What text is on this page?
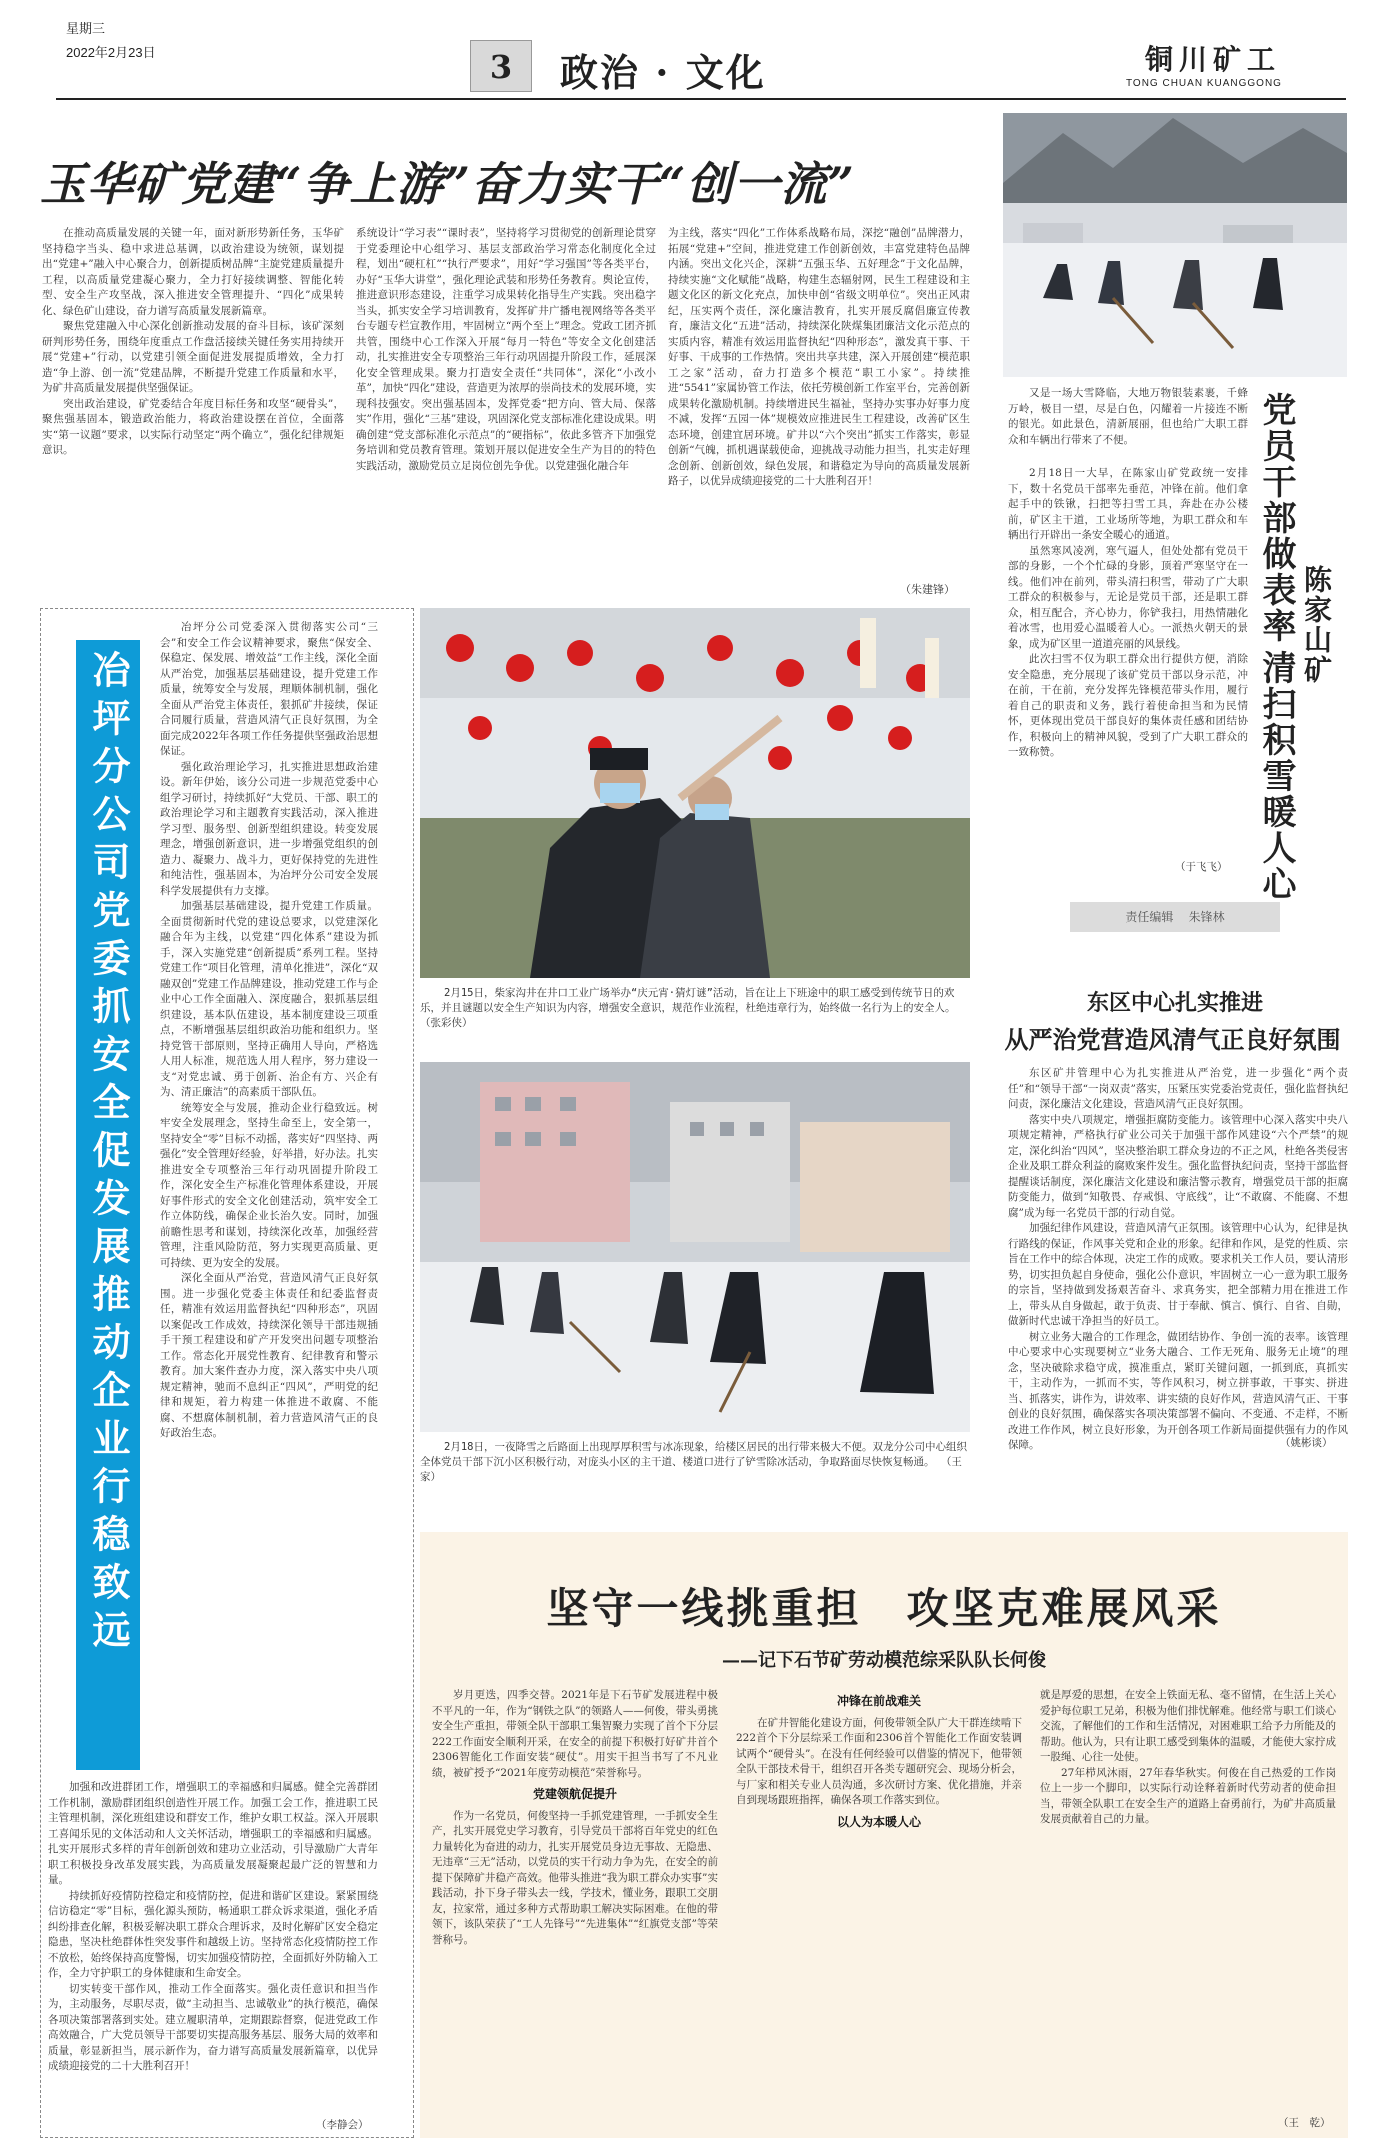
星期三
2022年2月23日	3	政治 · 文化	铜川矿工
TONG CHUAN KUANGGONG
玉华矿党建“争上游”奋力实干“创一流”

在推动高质量发展的关键一年，面对新形势新任务，玉华矿坚持稳字当头、稳中求进总基调，以政治建设为统领，谋划提出“党建+”融入中心聚合力，创新提质树品牌“主旋党建质量提升工程，以高质量党建凝心聚力，全力打好接续调整、智能化转型、安全生产攻坚战，深入推进安全管理提升、“四化”成果转化、绿色矿山建设，奋力谱写高质量发展新篇章。

聚焦党建融入中心深化创新推动发展的奋斗目标，该矿深刻研判形势任务，围绕年度重点工作盘活接续关键任务实用持续开展“党建+”行动，以党建引领全面促进发展提质增效，全力打造“争上游、创一流”党建品牌，不断提升党建工作质量和水平，为矿井高质量发展提供坚强保证。

突出政治建设，矿党委结合年度目标任务和攻坚“硬骨头”，聚焦强基固本，锻造政治能力，将政治建设摆在首位，全面落实“第一议题”要求，以实际行动坚定“两个确立”，强化纪律规矩意识。

系统设计“学习表”“课时表”，坚持将学习贯彻党的创新理论贯穿于党委理论中心组学习、基层支部政治学习常态化制度化全过程，划出“硬杠杠”“执行严要求”，用好“学习强国”等各类平台，办好“玉华大讲堂”，强化理论武装和形势任务教育。舆论宣传，推进意识形态建设，注重学习成果转化指导生产实践。突出稳字当头，抓实安全学习培训教育，发挥矿井广播电视网络等各类平台专题专栏宣教作用，牢固树立“两个至上”理念。党政工团齐抓共管，围绕中心工作深入开展“每月一特色”等安全文化创建活动，扎实推进安全专项整治三年行动巩固提升阶段工作，延展深化安全管理成果。聚力打造安全责任“共同体”，深化“小改小革”，加快“四化”建设，营造更为浓厚的崇尚技术的发展环境，实现科技强安。突出强基固本，发挥党委“把方向、管大局、保落实”作用，强化“三基”建设，巩固深化党支部标准化建设成果。明确创建“党支部标准化示范点”的“硬指标”，依此多管齐下加强党务培训和党员教育管理。策划开展以促进安全生产为目的的特色实践活动，激励党员立足岗位创先争优。以党建强化融合年

为主线，落实“四化”工作体系战略布局，深挖“融创”品牌潜力，拓展“党建+”空间，推进党建工作创新创效，丰富党建特色品牌内涵。突出文化兴企，深耕“五强玉华、五好理念”于文化品牌，持续实施“文化赋能”战略，构建生态辐射网，民生工程建设和主题文化区的新文化充点，加快申创“省级文明单位”。突出正风肃纪，压实两个责任，深化廉洁教育，扎实开展反腐倡廉宣传教育，廉洁文化“五进”活动，持续深化陕煤集团廉洁文化示范点的实质内容，精准有效运用监督执纪“四种形态”，激发真干事、干好事、干成事的工作热情。突出共享共建，深入开展创建“模范职工之家”活动，奋力打造多个模范“职工小家”。持续推进“5541”家属协管工作法，依托劳模创新工作室平台，完善创新成果转化激励机制。持续增进民生福祉，坚持办实事办好事力度不减，发挥“五园一体”规模效应推进民生工程建设，改善矿区生态环境，创建宜居环境。矿井以“六个突出”抓实工作落实，彰显创新“气魄，抓机遇谋载使命，迎挑战寻动能力担当，扎实走好理念创新、创新创效，绿色发展，和谐稳定为导向的高质量发展新路子，以优异成绩迎接党的二十大胜利召开！

（朱建锋）

又是一场大雪降临，大地万物银装素裹，千蜂万岭，极目一望，尽是白色，闪耀着一片接连不断的银光。如此景色，清新展丽，但也给广大职工群众和车辆出行带来了不便。	党员干部做表率 陈家山矿
清扫积雪暖人心

2月18日一大早，在陈家山矿党政统一安排下，数十名党员干部率先垂范，冲锋在前。他们拿起手中的铁锹，扫把等扫雪工具，奔赴在办公楼前，矿区主干道，工业场所等地，为职工群众和车辆出行开辟出一条安全暖心的通道。

虽然寒风凌冽，寒气逼人，但处处都有党员干部的身影，一个个忙碌的身影，顶着严寒坚守在一线。他们冲在前列，带头清扫积雪，带动了广大职工群众的积极参与，无论是党员干部，还是职工群众，相互配合，齐心协力，你铲我扫，用热情融化着冰雪，也用爱心温暖着人心。一派热火朝天的景象，成为矿区里一道道亮丽的风景线。

此次扫雪不仅为职工群众出行提供方便，消除安全隐患，充分展现了该矿党员干部以身示范，冲在前，干在前，充分发挥先锋模范带头作用，履行着自己的职责和义务，践行着使命担当和为民情怀，更体现出党员干部良好的集体责任感和团结协作，积极向上的精神风貌，受到了广大职工群众的一致称赞。

（于飞飞）
责任编辑 朱锋林
冶坪分公司党委抓安全促发展推动企业行稳致远

冶坪分公司党委深入贯彻落实公司“三会”和安全工作会议精神要求，聚焦“保安全、保稳定、保发展、增效益”工作主线，深化全面从严治党，加强基层基础建设，提升党建工作质量，统筹安全与发展，理顺体制机制，强化全面从严治党主体责任，狠抓矿井接续，保证合同履行质量，营造风清气正良好氛围，为全面完成2022年各项工作任务提供坚强政治思想保证。

强化政治理论学习，扎实推进思想政治建设。新年伊始，该分公司进一步规范党委中心组学习研讨，持续抓好“大党员、干部、职工的政治理论学习和主题教育实践活动，深入推进学习型、服务型、创新型组织建设。转变发展理念，增强创新意识，进一步增强党组织的创造力、凝聚力、战斗力，更好保持党的先进性和纯洁性，强基固本，为冶坪分公司安全发展科学发展提供有力支撑。

加强基层基础建设，提升党建工作质量。全面贯彻新时代党的建设总要求，以党建深化融合年为主线，以党建“四化体系”建设为抓手，深入实施党建“创新提质”系列工程。坚持党建工作“项目化管理，清单化推进”，深化“双融双创”党建工作品牌建设，推动党建工作与企业中心工作全面融入、深度融合，狠抓基层组织建设，基本队伍建设，基本制度建设三项重点，不断增强基层组织政治功能和组织力。坚持党管干部原则，坚持正确用人导向，严格选人用人标准，规范选人用人程序，努力建设一支“对党忠诚、勇于创新、治企有方、兴企有为、清正廉洁”的高素质干部队伍。

统筹安全与发展，推动企业行稳致远。树牢安全发展理念，坚持生命至上，安全第一，坚持安全“零”目标不动摇，落实好“四坚持、两强化”安全管理好经验，好举措，好办法。扎实推进安全专项整治三年行动巩固提升阶段工作，深化安全生产标准化管理体系建设，开展好事件形式的安全文化创建活动，筑牢安全工作立体防线，确保企业长治久安。同时，加强前瞻性思考和谋划，持续深化改革，加强经营管理，注重风险防范，努力实现更高质量、更可持续、更为安全的发展。

深化全面从严治党，营造风清气正良好氛围。进一步强化党委主体责任和纪委监督责任，精准有效运用监督执纪“四种形态”，巩固以案促改工作成效，持续深化领导干部违规插手干预工程建设和矿产开发突出问题专项整治工作。常态化开展党性教育、纪律教育和警示教育。加大案件查办力度，深入落实中央八项规定精神，驰而不息纠正“四风”，严明党的纪律和规矩，着力构建一体推进不敢腐、不能腐、不想腐体制机制，着力营造风清气正的良好政治生态。

加强和改进群团工作，增强职工的幸福感和归属感。健全完善群团工作机制，激励群团组织创造性开展工作。加强工会工作，推进职工民主管理机制，深化班组建设和群安工作，维护女职工权益。深入开展职工喜闻乐见的文体活动和人文关怀活动，增强职工的幸福感和归属感。扎实开展形式多样的青年创新创效和建功立业活动，引导激励广大青年职工积极投身改革发展实践，为高质量发展凝聚起最广泛的智慧和力量。

持续抓好疫情防控稳定和疫情防控，促进和谐矿区建设。紧紧围绕信访稳定“零”目标，强化源头预防，畅通职工群众诉求渠道，强化矛盾纠纷排查化解，积极妥解决职工群众合理诉求，及时化解矿区安全稳定隐患，坚决杜绝群体性突发事件和越级上访。坚持常态化疫情防控工作不放松，始终保持高度警惕，切实加强疫情防控，全面抓好外防输入工作，全力守护职工的身体健康和生命安全。

切实转变干部作风，推动工作全面落实。强化责任意识和担当作为，主动服务，尽职尽责，做“主动担当、忠诚敬业”的执行模范，确保各项决策部署落到实处。建立履职清单，定期跟踪督察，促进党政工作高效融合，广大党员领导干部要切实提高服务基层、服务大局的效率和质量，彰显新担当，展示新作为，奋力谱写高质量发展新篇章，以优异成绩迎接党的二十大胜利召开！

（李静会）
2月15日，柴家沟井在井口工业广场举办“庆元宵·猜灯谜”活动，旨在让上下班途中的职工感受到传统节日的欢乐，并且谜题以安全生产知识为内容，增强安全意识，规范作业流程，杜绝违章行为，始终做一名行为上的安全人。 （张彩侠）
2月18日，一夜降雪之后路面上出现厚厚积雪与冰冻现象，给楼区居民的出行带来极大不便。双龙分公司中心组织全体党员干部下沉小区积极行动，对庞头小区的主干道、楼道口进行了铲雪除冰活动，争取路面尽快恢复畅通。 （王 家）
东区中心扎实推进
从严治党营造风清气正良好氛围

东区矿井管理中心为扎实推进从严治党，进一步强化“两个责任”和“领导干部“一岗双责”落实，压紧压实党委治党责任，强化监督执纪问责，深化廉洁文化建设，营造风清气正良好氛围。

落实中央八项规定，增强拒腐防变能力。该管理中心深入落实中央八项规定精神，严格执行矿业公司关于加强干部作风建设“六个严禁”的规定，深化纠治“四风”，坚决整治职工群众身边的不正之风，杜绝各类侵害企业及职工群众利益的腐败案件发生。强化监督执纪问责，坚持干部监督提醒谈话制度，深化廉洁文化建设和廉洁警示教育，增强党员干部的拒腐防变能力，做到“知敬畏、存戒惧、守底线”，让“不敢腐、不能腐、不想腐”成为每一名党员干部的行动自觉。

加强纪律作风建设，营造风清气正氛围。该管理中心认为，纪律是执行路线的保证，作风事关党和企业的形象。纪律和作风，是党的性质、宗旨在工作中的综合体现，决定工作的成败。要求机关工作人员，要认清形势，切实担负起自身使命，强化公仆意识，牢固树立一心一意为职工服务的宗旨，坚持做到发扬艰苦奋斗、求真务实，把全部精力用在推进工作上，带头从自身做起，敢于负责、甘于奉献、慎言、慎行、自省、自勋，做新时代忠诚干净担当的好员工。

树立业务大融合的工作理念，做团结协作、争创一流的表率。该管理中心要求中心实现要树立“业务大融合、工作无死角、服务无止境”的理念，坚决破除求稳守成，摸准重点，紧盯关键问题，一抓到底，真抓实干，主动作为，一抓而不实，等作风积习，树立拼事敢，干事实、拼进当、抓落实，讲作为，讲效率、讲实绩的良好作风，营造风清气正、干事创业的良好氛围，确保落实各项决策部署不偏向、不变通、不走样，不断改进工作作风，树立良好形象，为开创各项工作新局面提供强有力的作风保障。	（姚彬谈）
坚守一线挑重担　攻坚克难展风采
——记下石节矿劳动模范综采队队长何俊

岁月更迭，四季交替。2021年是下石节矿发展进程中极不平凡的一年，作为“钢铁之队”的领路人——何俊，带头勇挑安全生产重担，带领全队干部职工集智聚力实现了首个下分层222工作面安全顺利开采，在安全的前提下积极打好矿井首个2306智能化工作面安装“硬仗”。用实干担当书写了不凡业绩，被矿授予“2021年度劳动模范”荣誉称号。

党建领航促提升

作为一名党员，何俊坚持一手抓党建管理，一手抓安全生产，扎实开展党史学习教育，引导党员干部将百年党史的红色力量转化为奋进的动力，扎实开展党员身边无事故、无隐患、无违章“三无”活动，以党员的实干行动力争为先，在安全的前提下保障矿井稳产高效。他带头推进“我为职工群众办实事”实践活动，扑下身子带头去一线，学技术，懂业务，跟职工交朋友，拉家常，通过多种方式帮助职工解决实际困难。在他的带领下，该队荣获了“工人先锋号”“先进集体”“红旗党支部”等荣誉称号。

冲锋在前战难关

在矿井智能化建设方面，何俊带领全队广大干群连续啃下222首个下分层综采工作面和2306首个智能化工作面安装调试两个“硬骨头”。在没有任何经验可以借鉴的情况下，他带领全队干部技术骨干，组织召开各类专题研究会、现场分析会，与厂家和相关专业人员沟通，多次研讨方案、优化措施，并亲自到现场跟班指挥，确保各项工作落实到位。

以人为本暖人心

就是厚爱的思想，在安全上铁面无私、毫不留情，在生活上关心爱护每位职工兄弟，积极为他们排忧解难。他经常与职工们谈心交流，了解他们的工作和生活情况，对困难职工给予力所能及的帮助。他认为，只有让职工感受到集体的温暖，才能使大家拧成一股绳、心往一处使。

27年栉风沐雨，27年春华秋实。何俊在自己热爱的工作岗位上一步一个脚印，以实际行动诠释着新时代劳动者的使命担当，带领全队职工在安全生产的道路上奋勇前行，为矿井高质量发展贡献着自己的力量。

（王　乾）
